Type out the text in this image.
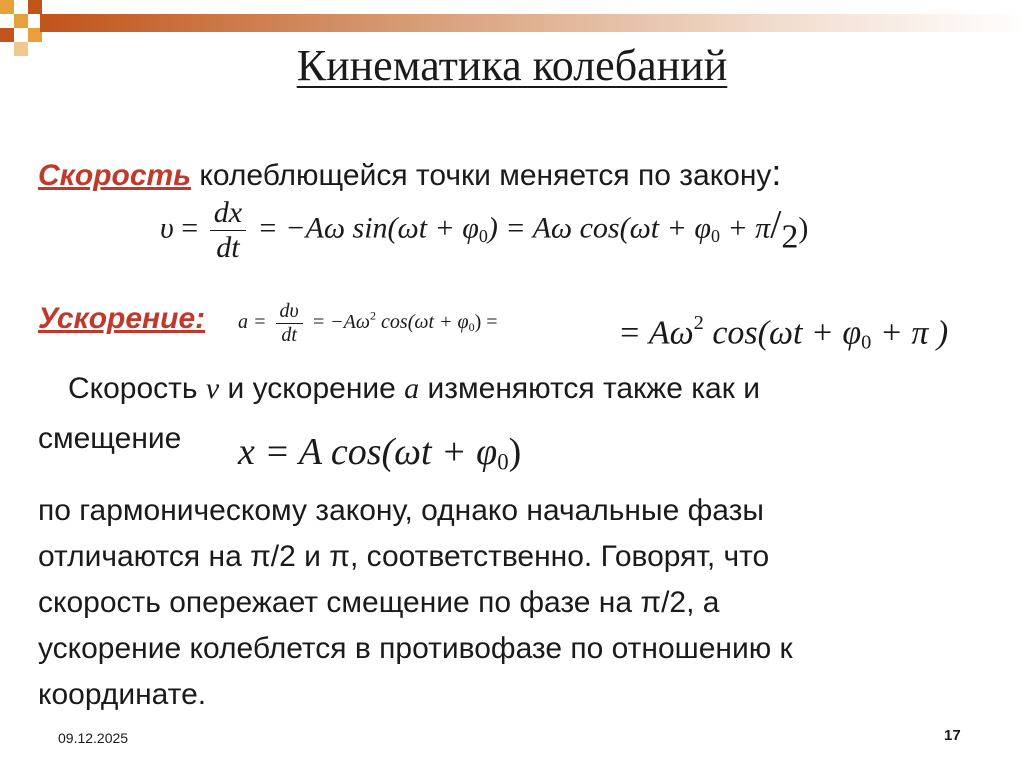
Кинематика колебаний
Скорость колеблющейся точки меняется по закону:
$\upsilon = \frac{dx}{dt} = -A\omega$ $\sin(\omega t + \varphi_0) = A\omega$ $\cos(\omega t + \varphi_0 + \pi/2)$
Ускорение: $a = \frac{d\upsilon}{dt} = -A\omega^2$ $\cos(\omega t + \varphi_0)$ =	= $A\omega^2$ $\cos(\omega t + \varphi_0 + \pi$ )
Скорость v и ускорение a изменяются также как и
смещение x = A $\cos(\omega t + \varphi_0)$
по гармоническому закону, однако начальные фазы
отличаются на π/2 и π, соответственно. Говорят, что
скорость опережает смещение по фазе на π/2, а
ускорение колеблется в противофазе по отношению к
координате.
09.12.2025	17
